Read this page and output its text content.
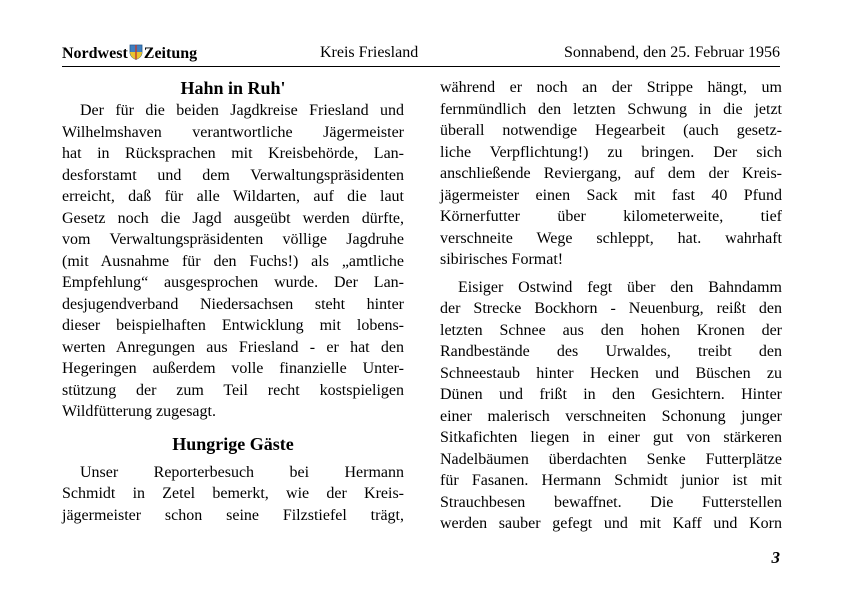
Nordwest Zeitung	Kreis Friesland	Sonnabend, den 25. Februar 1956
Hahn in Ruh'
Der für die beiden Jagdkreise Friesland und
Wilhelmshaven verantwortliche Jägermeister
hat in Rücksprachen mit Kreisbehörde, Lan-
desforstamt und dem Verwaltungspräsidenten
erreicht, daß für alle Wildarten, auf die laut
Gesetz noch die Jagd ausgeübt werden dürfte,
vom Verwaltungspräsidenten völlige Jagdruhe
(mit Ausnahme für den Fuchs!) als „amtliche
Empfehlung“ ausgesprochen wurde. Der Lan-
desjugendverband Niedersachsen steht hinter
dieser beispielhaften Entwicklung mit lobens-
werten Anregungen aus Friesland - er hat den
Hegeringen außerdem volle finanzielle Unter-
stützung der zum Teil recht kostspieligen
Wildfütterung zugesagt.
Hungrige Gäste
Unser Reporterbesuch bei Hermann
Schmidt in Zetel bemerkt, wie der Kreis-
jägermeister schon seine Filzstiefel trägt,
während er noch an der Strippe hängt, um
fernmündlich den letzten Schwung in die jetzt
überall notwendige Hegearbeit (auch gesetz-
liche Verpflichtung!) zu bringen. Der sich
anschließende Reviergang, auf dem der Kreis-
jägermeister einen Sack mit fast 40 Pfund
Körnerfutter über kilometerweite, tief
verschneite Wege schleppt, hat. wahrhaft
sibirisches Format!
Eisiger Ostwind fegt über den Bahndamm
der Strecke Bockhorn - Neuenburg, reißt den
letzten Schnee aus den hohen Kronen der
Randbestände des Urwaldes, treibt den
Schneestaub hinter Hecken und Büschen zu
Dünen und frißt in den Gesichtern. Hinter
einer malerisch verschneiten Schonung junger
Sitkafichten liegen in einer gut von stärkeren
Nadelbäumen überdachten Senke Futterplätze
für Fasanen. Hermann Schmidt junior ist mit
Strauchbesen bewaffnet. Die Futterstellen
werden sauber gefegt und mit Kaff und Korn
3
